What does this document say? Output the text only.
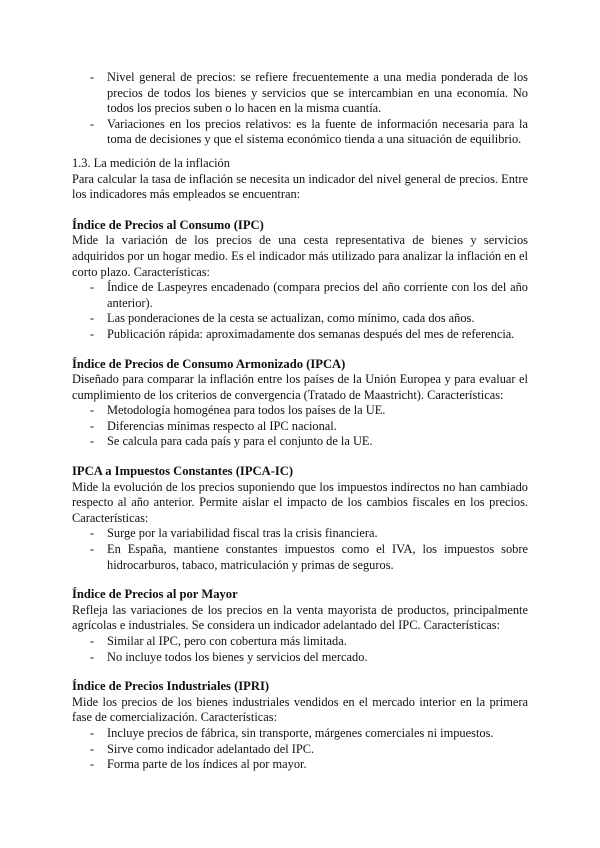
- Nivel general de precios: se refiere frecuentemente a una media ponderada de los precios de todos los bienes y servicios que se intercambian en una economía. No todos los precios suben o lo hacen en la misma cuantía.
- Variaciones en los precios relativos: es la fuente de información necesaria para la toma de decisiones y que el sistema económico tienda a una situación de equilibrio.

1.3. La medición de la inflación

Para calcular la tasa de inflación se necesita un indicador del nivel general de precios. Entre los indicadores más empleados se encuentran:

Índice de Precios al Consumo (IPC)

Mide la variación de los precios de una cesta representativa de bienes y servicios adquiridos por un hogar medio. Es el indicador más utilizado para analizar la inflación en el corto plazo. Características:

- Índice de Laspeyres encadenado (compara precios del año corriente con los del año anterior).
- Las ponderaciones de la cesta se actualizan, como mínimo, cada dos años.
- Publicación rápida: aproximadamente dos semanas después del mes de referencia.
Índice de Precios de Consumo Armonizado (IPCA)

Diseñado para comparar la inflación entre los países de la Unión Europea y para evaluar el cumplimiento de los criterios de convergencia (Tratado de Maastricht). Características:

- Metodología homogénea para todos los países de la UE.
- Diferencias mínimas respecto al IPC nacional.
- Se calcula para cada país y para el conjunto de la UE.
IPCA a Impuestos Constantes (IPCA-IC)

Mide la evolución de los precios suponiendo que los impuestos indirectos no han cambiado respecto al año anterior. Permite aislar el impacto de los cambios fiscales en los precios. Características:

- Surge por la variabilidad fiscal tras la crisis financiera.
- En España, mantiene constantes impuestos como el IVA, los impuestos sobre hidrocarburos, tabaco, matriculación y primas de seguros.
Índice de Precios al por Mayor

Refleja las variaciones de los precios en la venta mayorista de productos, principalmente agrícolas e industriales. Se considera un indicador adelantado del IPC. Características:

- Similar al IPC, pero con cobertura más limitada.
- No incluye todos los bienes y servicios del mercado.
Índice de Precios Industriales (IPRI)

Mide los precios de los bienes industriales vendidos en el mercado interior en la primera fase de comercialización. Características:

- Incluye precios de fábrica, sin transporte, márgenes comerciales ni impuestos.
- Sirve como indicador adelantado del IPC.
- Forma parte de los índices al por mayor.
